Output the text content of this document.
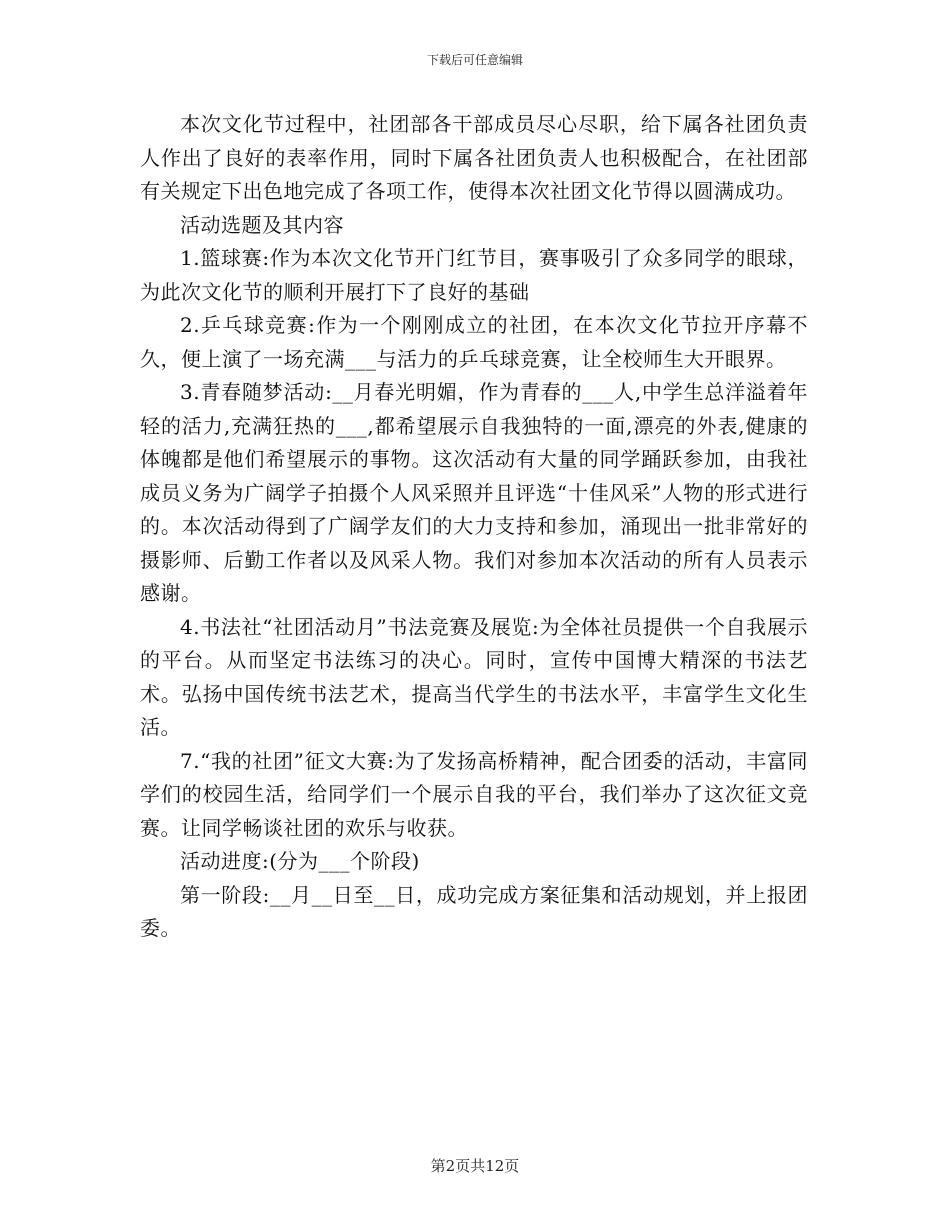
下载后可任意编辑

本次文化节过程中，社团部各干部成员尽心尽职，给下属各社团负责人作出了良好的表率作用，同时下属各社团负责人也积极配合，在社团部有关规定下出色地完成了各项工作，使得本次社团文化节得以圆满成功。

活动选题及其内容

1.篮球赛:作为本次文化节开门红节目，赛事吸引了众多同学的眼球，为此次文化节的顺利开展打下了良好的基础

2.乒乓球竞赛:作为一个刚刚成立的社团，在本次文化节拉开序幕不久，便上演了一场充满___与活力的乒乓球竞赛，让全校师生大开眼界。

3.青春随梦活动:__月春光明媚，作为青春的___人,中学生总洋溢着年轻的活力,充满狂热的___,都希望展示自我独特的一面,漂亮的外表,健康的体魄都是他们希望展示的事物。这次活动有大量的同学踊跃参加，由我社成员义务为广阔学子拍摄个人风采照并且评选“十佳风采”人物的形式进行的。本次活动得到了广阔学友们的大力支持和参加，涌现出一批非常好的摄影师、后勤工作者以及风采人物。我们对参加本次活动的所有人员表示感谢。

4.书法社“社团活动月”书法竞赛及展览:为全体社员提供一个自我展示的平台。从而坚定书法练习的决心。同时，宣传中国博大精深的书法艺术。弘扬中国传统书法艺术，提高当代学生的书法水平，丰富学生文化生活。

7.“我的社团”征文大赛:为了发扬高桥精神，配合团委的活动，丰富同学们的校园生活，给同学们一个展示自我的平台，我们举办了这次征文竞赛。让同学畅谈社团的欢乐与收获。

活动进度:(分为___个阶段)

第一阶段:__月__日至__日，成功完成方案征集和活动规划，并上报团委。

第2页共12页
